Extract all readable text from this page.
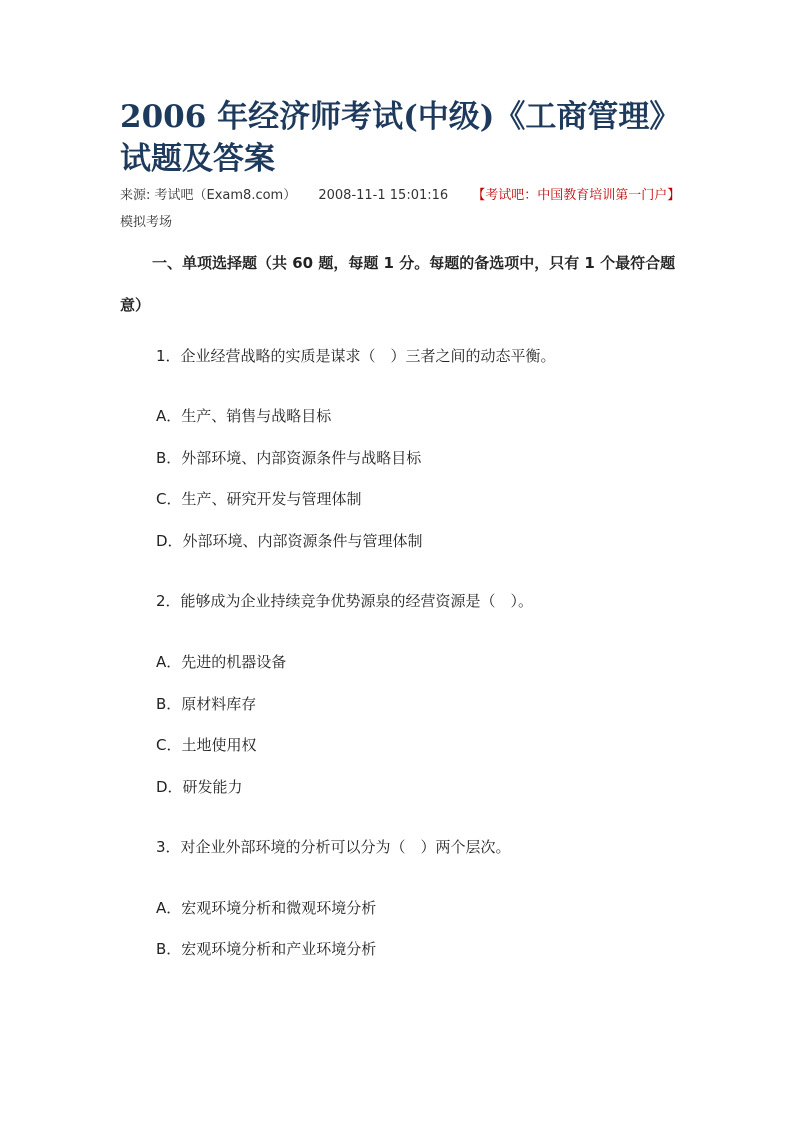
2006 年经济师考试(中级)《工商管理》试题及答案
来源: 考试吧（Exam8.com） 2008-11-1 15:01:16 【考试吧：中国教育培训第一门户】
模拟考场
一、单项选择题（共 60 题，每题 1 分。每题的备选项中，只有 1 个最符合题意）
1．企业经营战略的实质是谋求（　）三者之间的动态平衡。
A．生产、销售与战略目标
B．外部环境、内部资源条件与战略目标
C．生产、研究开发与管理体制
D．外部环境、内部资源条件与管理体制
2．能够成为企业持续竞争优势源泉的经营资源是（　）。
A．先进的机器设备
B．原材料库存
C．土地使用权
D．研发能力
3．对企业外部环境的分析可以分为（　）两个层次。
A．宏观环境分析和微观环境分析
B．宏观环境分析和产业环境分析
